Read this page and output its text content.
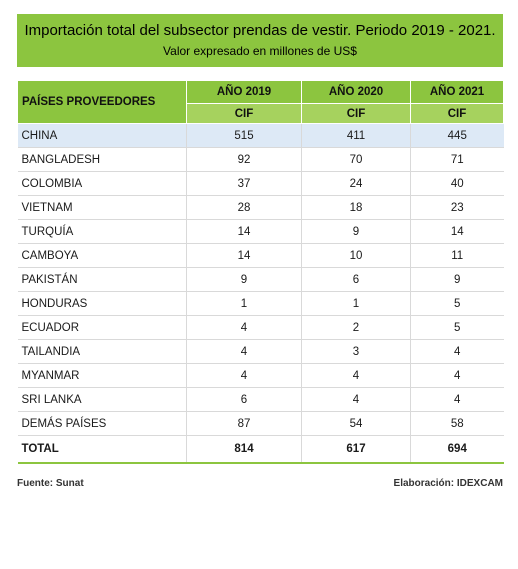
Importación total del subsector prendas de vestir. Periodo 2019 - 2021.
Valor expresado en millones de US$
PAÍSES PROVEEDORES	AÑO 2019	AÑO 2020	AÑO 2021
	CIF	CIF	CIF
CHINA	515	411	445
BANGLADESH	92	70	71
COLOMBIA	37	24	40
VIETNAM	28	18	23
TURQUÍA	14	9	14
CAMBOYA	14	10	11
PAKISTÁN	9	6	9
HONDURAS	1	1	5
ECUADOR	4	2	5
TAILANDIA	4	3	4
MYANMAR	4	4	4
SRI LANKA	6	4	4
DEMÁS PAÍSES	87	54	58
TOTAL	814	617	694
Fuente: Sunat	Elaboración: IDEXCAM
